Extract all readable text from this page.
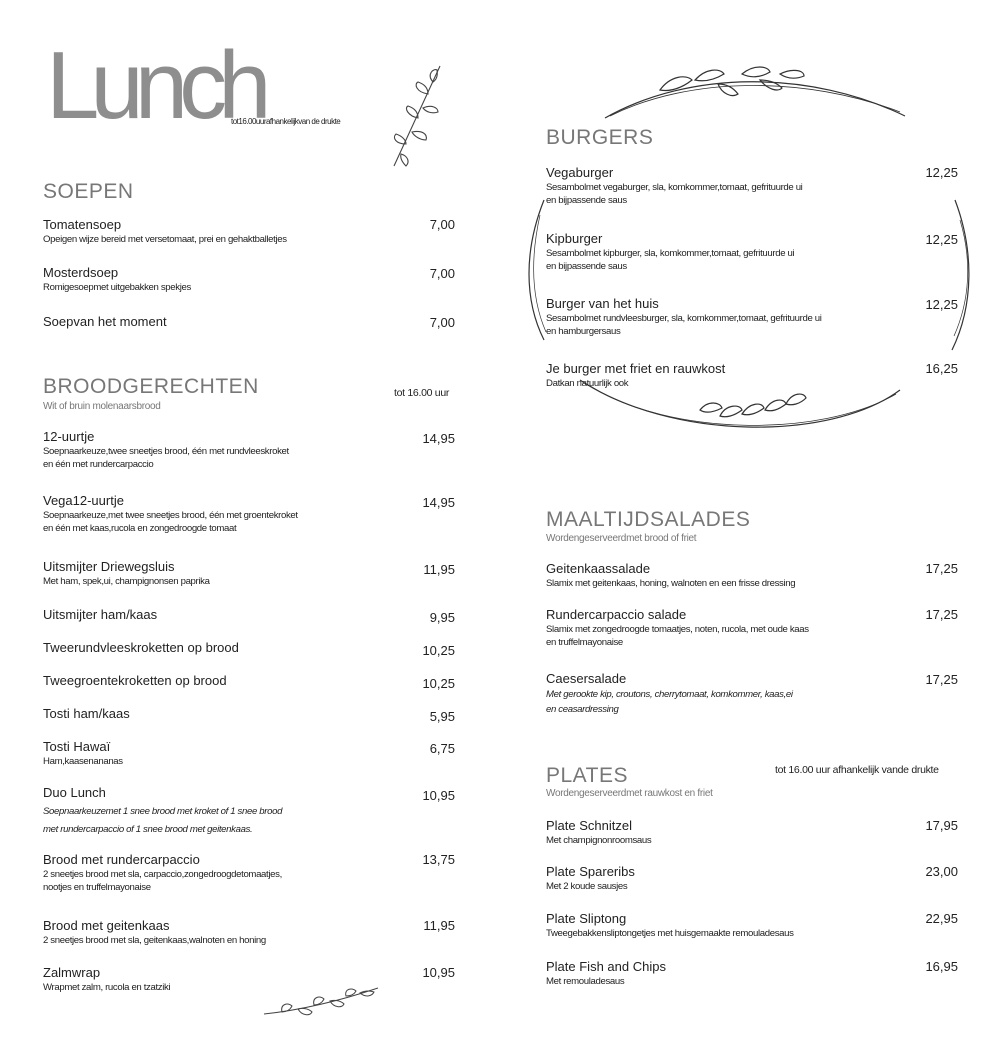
Lunch
tot16.00uurafhankelijkvan de drukte
SOEPEN
Tomatensoep
Opeigen wijze bereid met versetomaat, prei en gehaktballetjes
7,00
Mosterdsoep
Romigesoepmet uitgebakken spekjes
7,00
Soepvan het moment	7,00
BROODGERECHTEN
Wit of bruin molenaarsbrood
tot 16.00 uur
12-uurtje
Soepnaarkeuze,twee sneetjes brood, één met rundvleeskroket
en één met rundercarpaccio
14,95
Vega12-uurtje
Soepnaarkeuze,met twee sneetjes brood, één met groentekroket
en één met kaas,rucola en zongedroogde tomaat
14,95
Uitsmijter Driewegsluis
Met ham, spek,ui, champignonsen paprika
11,95
Uitsmijter ham/kaas	9,95
Tweerundvleeskroketten op brood	10,25
Tweegroentekroketten op brood	10,25
Tosti ham/kaas	5,95
Tosti Hawaï
Ham,kaasenananas
6,75
Duo Lunch
Soepnaarkeuzemet 1 snee brood met kroket of 1 snee brood
met rundercarpaccio of 1 snee brood met geitenkaas.
10,95
Brood met rundercarpaccio
2 sneetjes brood met sla, carpaccio,zongedroogdetomaatjes,
nootjes en truffelmayonaise
13,75
Brood met geitenkaas
2 sneetjes brood met sla, geitenkaas,walnoten en honing
11,95
Zalmwrap
Wrapmet zalm, rucola en tzatziki
10,95
BURGERS
Vegaburger
Sesambolmet vegaburger, sla, komkommer,tomaat, gefrituurde ui
en bijpassende saus
12,25
Kipburger
Sesambolmet kipburger, sla, komkommer,tomaat, gefrituurde ui
en bijpassende saus
12,25
Burger van het huis
Sesambolmet rundvleesburger, sla, komkommer,tomaat, gefrituurde ui
en hamburgersaus
12,25
Je burger met friet en rauwkost
Datkan natuurlijk ook
16,25
MAALTIJDSALADES
Wordengeserveerdmet brood of friet
Geitenkaassalade
Slamix met geitenkaas, honing, walnoten en een frisse dressing
17,25
Rundercarpaccio salade
Slamix met zongedroogde tomaatjes, noten, rucola, met oude kaas
en truffelmayonaise
17,25
Caesersalade
Met gerookte kip, croutons, cherrytomaat, komkommer, kaas,ei
en ceasardressing
17,25
PLATES
Wordengeserveerdmet rauwkost en friet
tot 16.00 uur afhankelijk vande drukte
Plate Schnitzel
Met champignonroomsaus
17,95
Plate Spareribs
Met 2 koude sausjes
23,00
Plate Sliptong
Tweegebakkensliptongetjes met huisgemaakte remouladesaus
22,95
Plate Fish and Chips
Met remouladesaus
16,95
